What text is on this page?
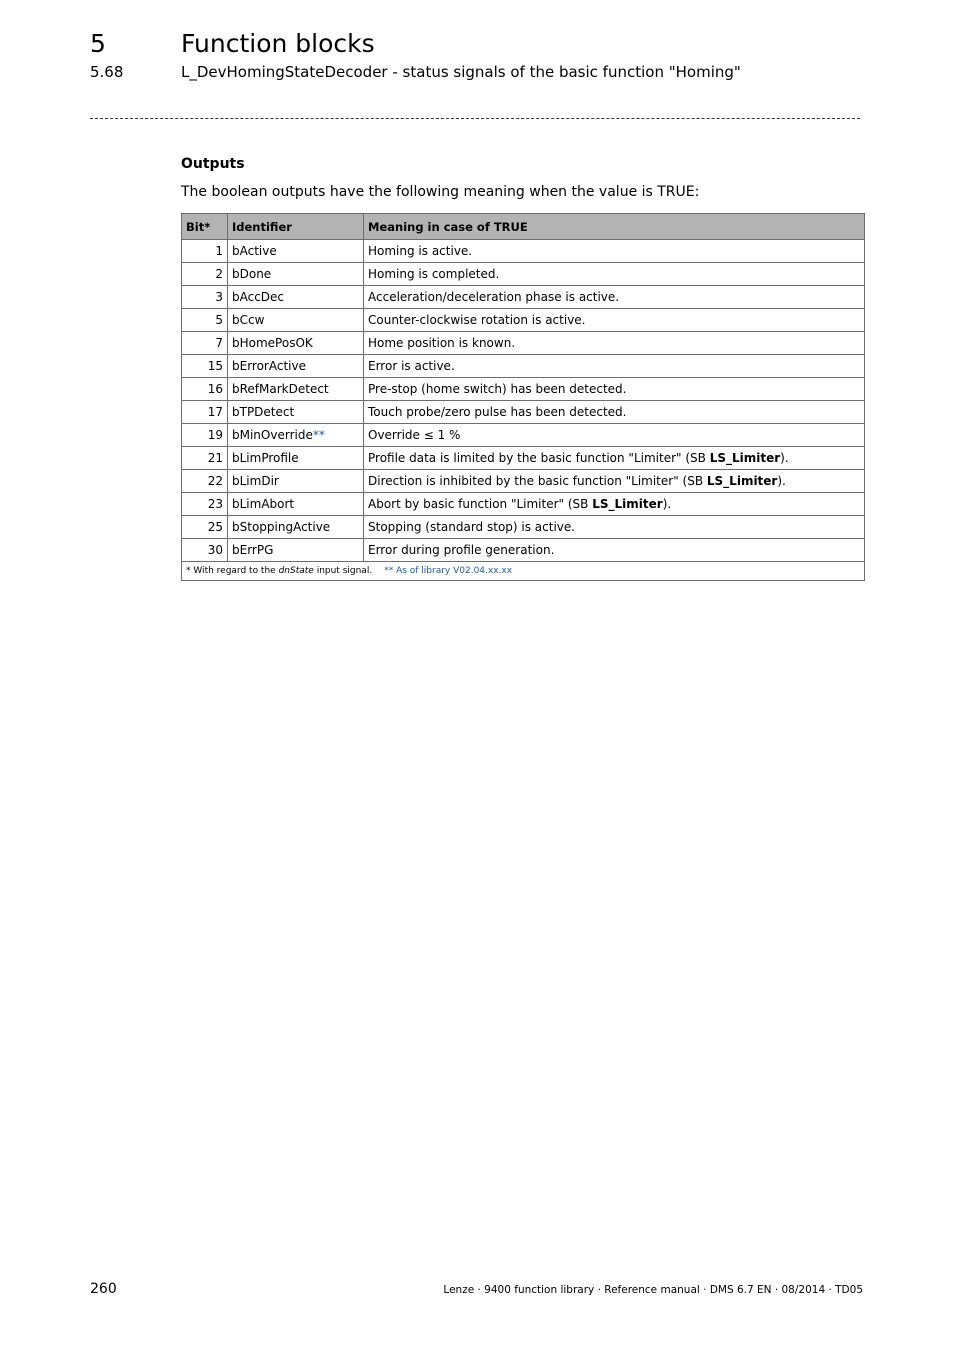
5	Function blocks
5.68	L_DevHomingStateDecoder - status signals of the basic function "Homing"
Outputs
The boolean outputs have the following meaning when the value is TRUE:
Bit*	Identifier	Meaning in case of TRUE
1	bActive	Homing is active.
2	bDone	Homing is completed.
3	bAccDec	Acceleration/deceleration phase is active.
5	bCcw	Counter-clockwise rotation is active.
7	bHomePosOK	Home position is known.
15	bErrorActive	Error is active.
16	bRefMarkDetect	Pre-stop (home switch) has been detected.
17	bTPDetect	Touch probe/zero pulse has been detected.
19	bMinOverride**	Override ≤ 1 %
21	bLimProfile	Profile data is limited by the basic function "Limiter" (SB LS_Limiter).
22	bLimDir	Direction is inhibited by the basic function "Limiter" (SB LS_Limiter).
23	bLimAbort	Abort by basic function "Limiter" (SB LS_Limiter).
25	bStoppingActive	Stopping (standard stop) is active.
30	bErrPG	Error during profile generation.
* With regard to the dnState input signal. ** As of library V02.04.xx.xx		
260	Lenze · 9400 function library · Reference manual · DMS 6.7 EN · 08/2014 · TD05
